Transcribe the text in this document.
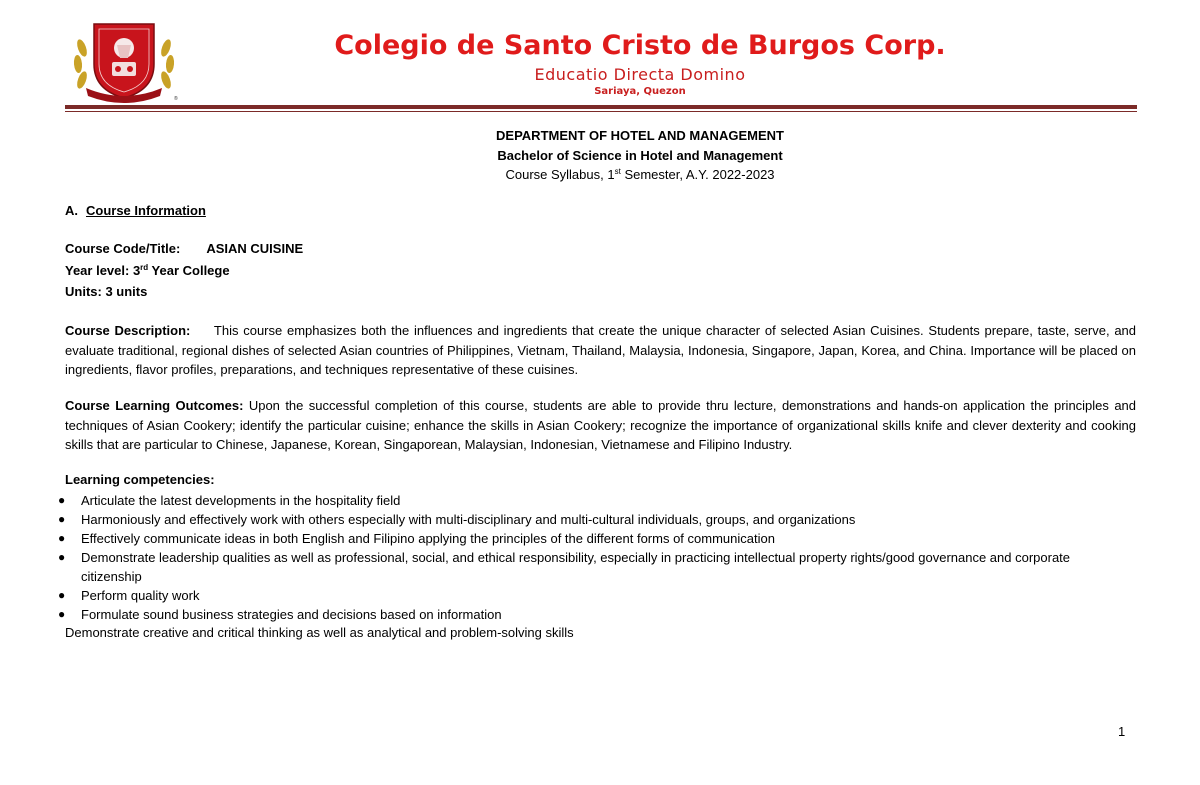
®
Colegio de Santo Cristo de Burgos Corp.
Educatio Directa Domino
Sariaya, Quezon
DEPARTMENT OF HOTEL AND MANAGEMENT
Bachelor of Science in Hotel and Management
Course Syllabus, 1st Semester, A.Y. 2022-2023
A. Course Information
Course Code/Title: ASIAN CUISINE
Year level: 3rd Year College
Units: 3 units
Course Description: This course emphasizes both the influences and ingredients that create the unique character of selected Asian Cuisines. Students prepare, taste, serve, and evaluate traditional, regional dishes of selected Asian countries of Philippines, Vietnam, Thailand, Malaysia, Indonesia, Singapore, Japan, Korea, and China. Importance will be placed on ingredients, flavor profiles, preparations, and techniques representative of these cuisines.
Course Learning Outcomes: Upon the successful completion of this course, students are able to provide thru lecture, demonstrations and hands-on application the principles and techniques of Asian Cookery; identify the particular cuisine; enhance the skills in Asian Cookery; recognize the importance of organizational skills knife and clever dexterity and cooking skills that are particular to Chinese, Japanese, Korean, Singaporean, Malaysian, Indonesian, Vietnamese and Filipino Industry.
Learning competencies:
● Articulate the latest developments in the hospitality field
● Harmoniously and effectively work with others especially with multi-disciplinary and multi-cultural individuals, groups, and organizations
● Effectively communicate ideas in both English and Filipino applying the principles of the different forms of communication
● Demonstrate leadership qualities as well as professional, social, and ethical responsibility, especially in practicing intellectual property rights/good governance and corporate citizenship
● Perform quality work
● Formulate sound business strategies and decisions based on information
Demonstrate creative and critical thinking as well as analytical and problem-solving skills
1
